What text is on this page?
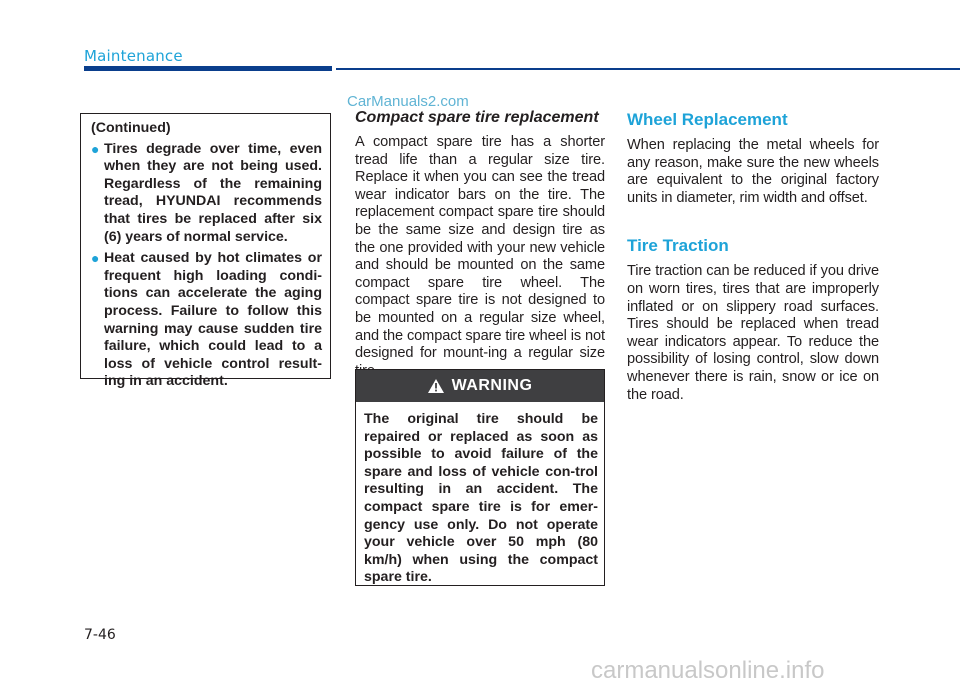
Maintenance
CarManuals2.com
(Continued)
● Tires degrade over time, even when they are not being used. Regardless of the remaining tread, HYUNDAI recommends that tires be replaced after six (6) years of normal service.
● Heat caused by hot climates or frequent high loading condi-tions can accelerate the aging process. Failure to follow this warning may cause sudden tire failure, which could lead to a loss of vehicle control result-ing in an accident.
Compact spare tire replacement

A compact spare tire has a shorter tread life than a regular size tire. Replace it when you can see the tread wear indicator bars on the tire. The replacement compact spare tire should be the same size and design tire as the one provided with your new vehicle and should be mounted on the same compact spare tire wheel. The compact spare tire is not designed to be mounted on a regular size wheel, and the compact spare tire wheel is not designed for mount-ing a regular size

WARNING
The original tire should be repaired or replaced as soon as possible to avoid failure of the spare and loss of vehicle con-trol resulting in an accident. The compact spare tire is for emer-gency use only. Do not operate your vehicle over 50 mph (80 km/h) when using the compact spare tire.
Wheel Replacement

When replacing the metal wheels for any reason, make sure the new wheels are equivalent to the original factory units in diameter, rim width and offset.

Tire Traction

Tire traction can be reduced if you drive on worn tires, tires that are improperly inflated or on slippery road surfaces. Tires should be replaced when tread wear indicators appear. To reduce the possibility of losing control, slow down whenever there is rain, snow or ice on the road.

7-46
carmanualsonline.info
